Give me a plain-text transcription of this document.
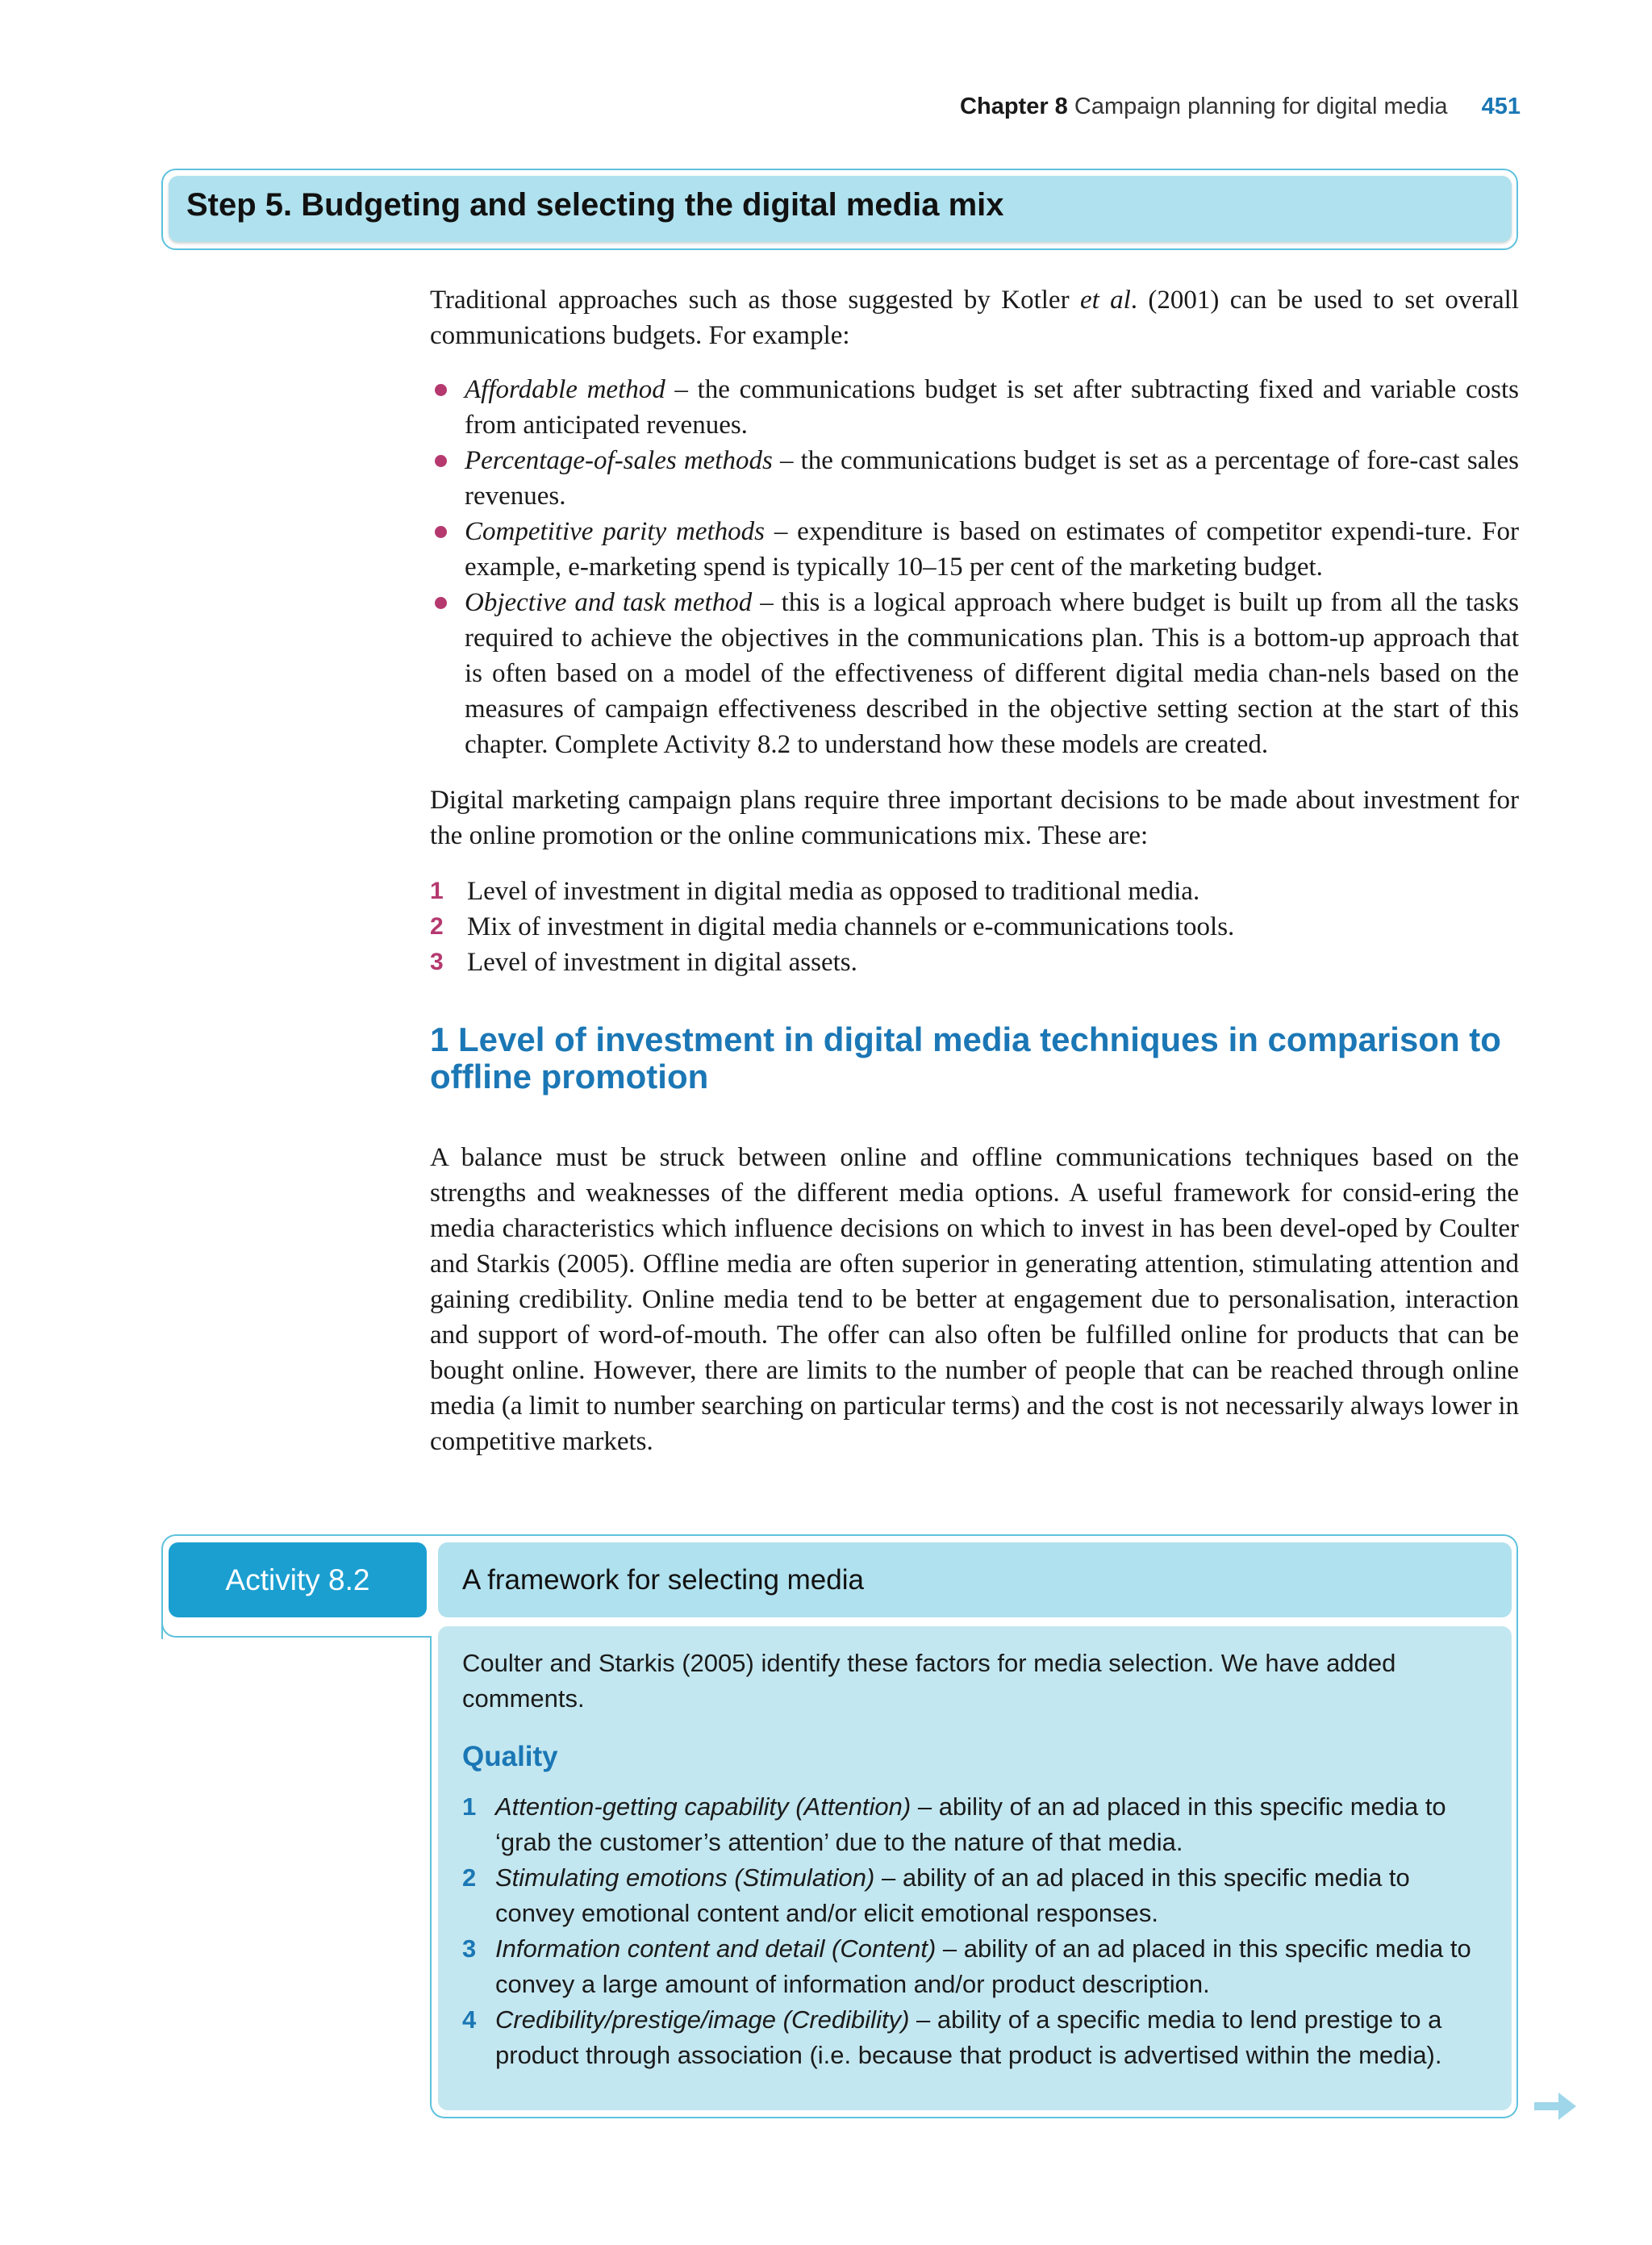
Chapter 8 Campaign planning for digital media 451
Step 5. Budgeting and selecting the digital media mix

Traditional approaches such as those suggested by Kotler et al. (2001) can be used to set overall communications budgets. For example:

Affordable method – the communications budget is set after subtracting fixed and variable costs from anticipated revenues.
Percentage-of-sales methods – the communications budget is set as a percentage of fore-cast sales revenues.
Competitive parity methods – expenditure is based on estimates of competitor expendi-ture. For example, e-marketing spend is typically 10–15 per cent of the marketing budget.
Objective and task method – this is a logical approach where budget is built up from all the tasks required to achieve the objectives in the communications plan. This is a bottom-up approach that is often based on a model of the effectiveness of different digital media chan-nels based on the measures of campaign effectiveness described in the objective setting section at the start of this chapter. Complete Activity 8.2 to understand how these models are created.

Digital marketing campaign plans require three important decisions to be made about investment for the online promotion or the online communications mix. These are:

1 Level of investment in digital media as opposed to traditional media.
2 Mix of investment in digital media channels or e-communications tools.
3 Level of investment in digital assets.
1 Level of investment in digital media techniques in comparison to offline promotion

A balance must be struck between online and offline communications techniques based on the strengths and weaknesses of the different media options. A useful framework for consid-ering the media characteristics which influence decisions on which to invest in has been devel-oped by Coulter and Starkis (2005). Offline media are often superior in generating attention, stimulating attention and gaining credibility. Online media tend to be better at engagement due to personalisation, interaction and support of word-of-mouth. The offer can also often be fulfilled online for products that can be bought online. However, there are limits to the number of people that can be reached through online media (a limit to number searching on particular terms) and the cost is not necessarily always lower in competitive markets.

Activity 8.2	A framework for selecting media

Coulter and Starkis (2005) identify these factors for media selection. We have added comments.

Quality
1 Attention-getting capability (Attention) – ability of an ad placed in this specific media to ‘grab the customer’s attention’ due to the nature of that media.
2 Stimulating emotions (Stimulation) – ability of an ad placed in this specific media to convey emotional content and/or elicit emotional responses.
3 Information content and detail (Content) – ability of an ad placed in this specific media to convey a large amount of information and/or product description.
4 Credibility/prestige/image (Credibility) – ability of a specific media to lend prestige to a product through association (i.e. because that product is advertised within the media).
